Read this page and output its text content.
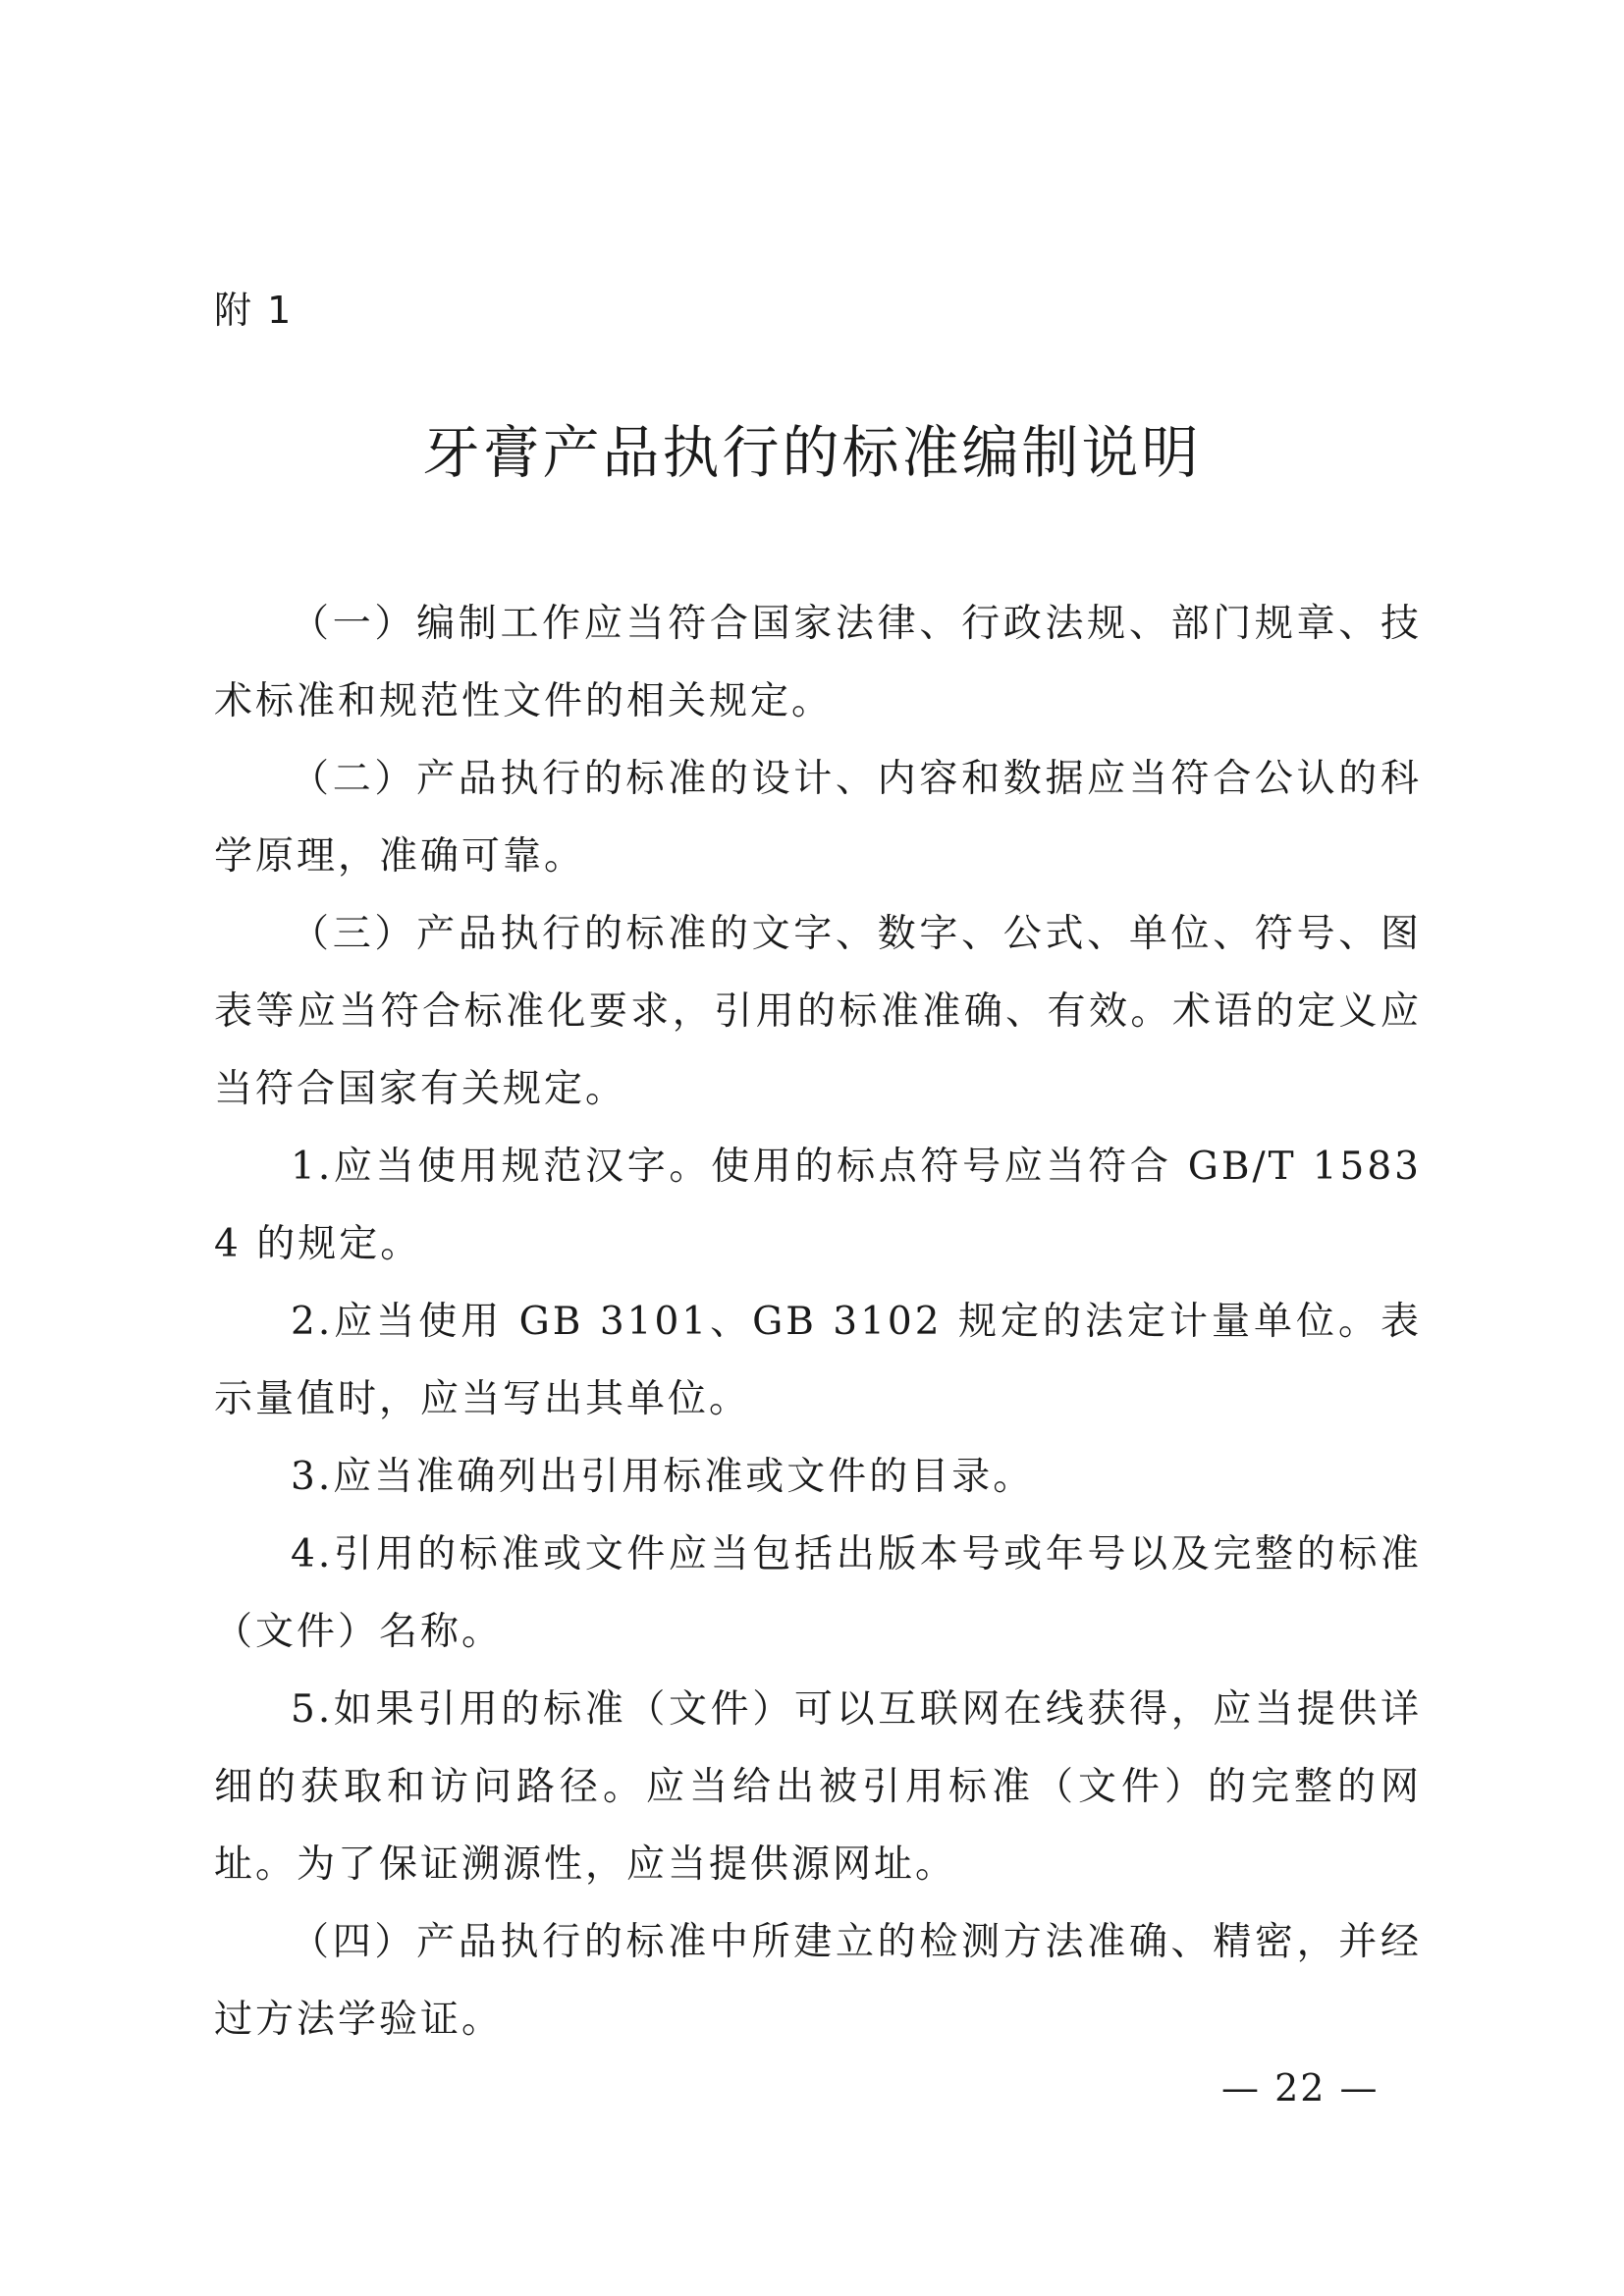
附 1
牙膏产品执行的标准编制说明

（一）编制工作应当符合国家法律、行政法规、部门规章、技术标准和规范性文件的相关规定。

（二）产品执行的标准的设计、内容和数据应当符合公认的科学原理，准确可靠。

（三）产品执行的标准的文字、数字、公式、单位、符号、图表等应当符合标准化要求，引用的标准准确、有效。术语的定义应当符合国家有关规定。

1.应当使用规范汉字。使用的标点符号应当符合 GB/T 15834 的规定。

2.应当使用 GB 3101、GB 3102 规定的法定计量单位。表示量值时，应当写出其单位。

3.应当准确列出引用标准或文件的目录。

4.引用的标准或文件应当包括出版本号或年号以及完整的标准（文件）名称。

5.如果引用的标准（文件）可以互联网在线获得，应当提供详细的获取和访问路径。应当给出被引用标准（文件）的完整的网址。为了保证溯源性，应当提供源网址。

（四）产品执行的标准中所建立的检测方法准确、精密，并经过方法学验证。

— 22 —
